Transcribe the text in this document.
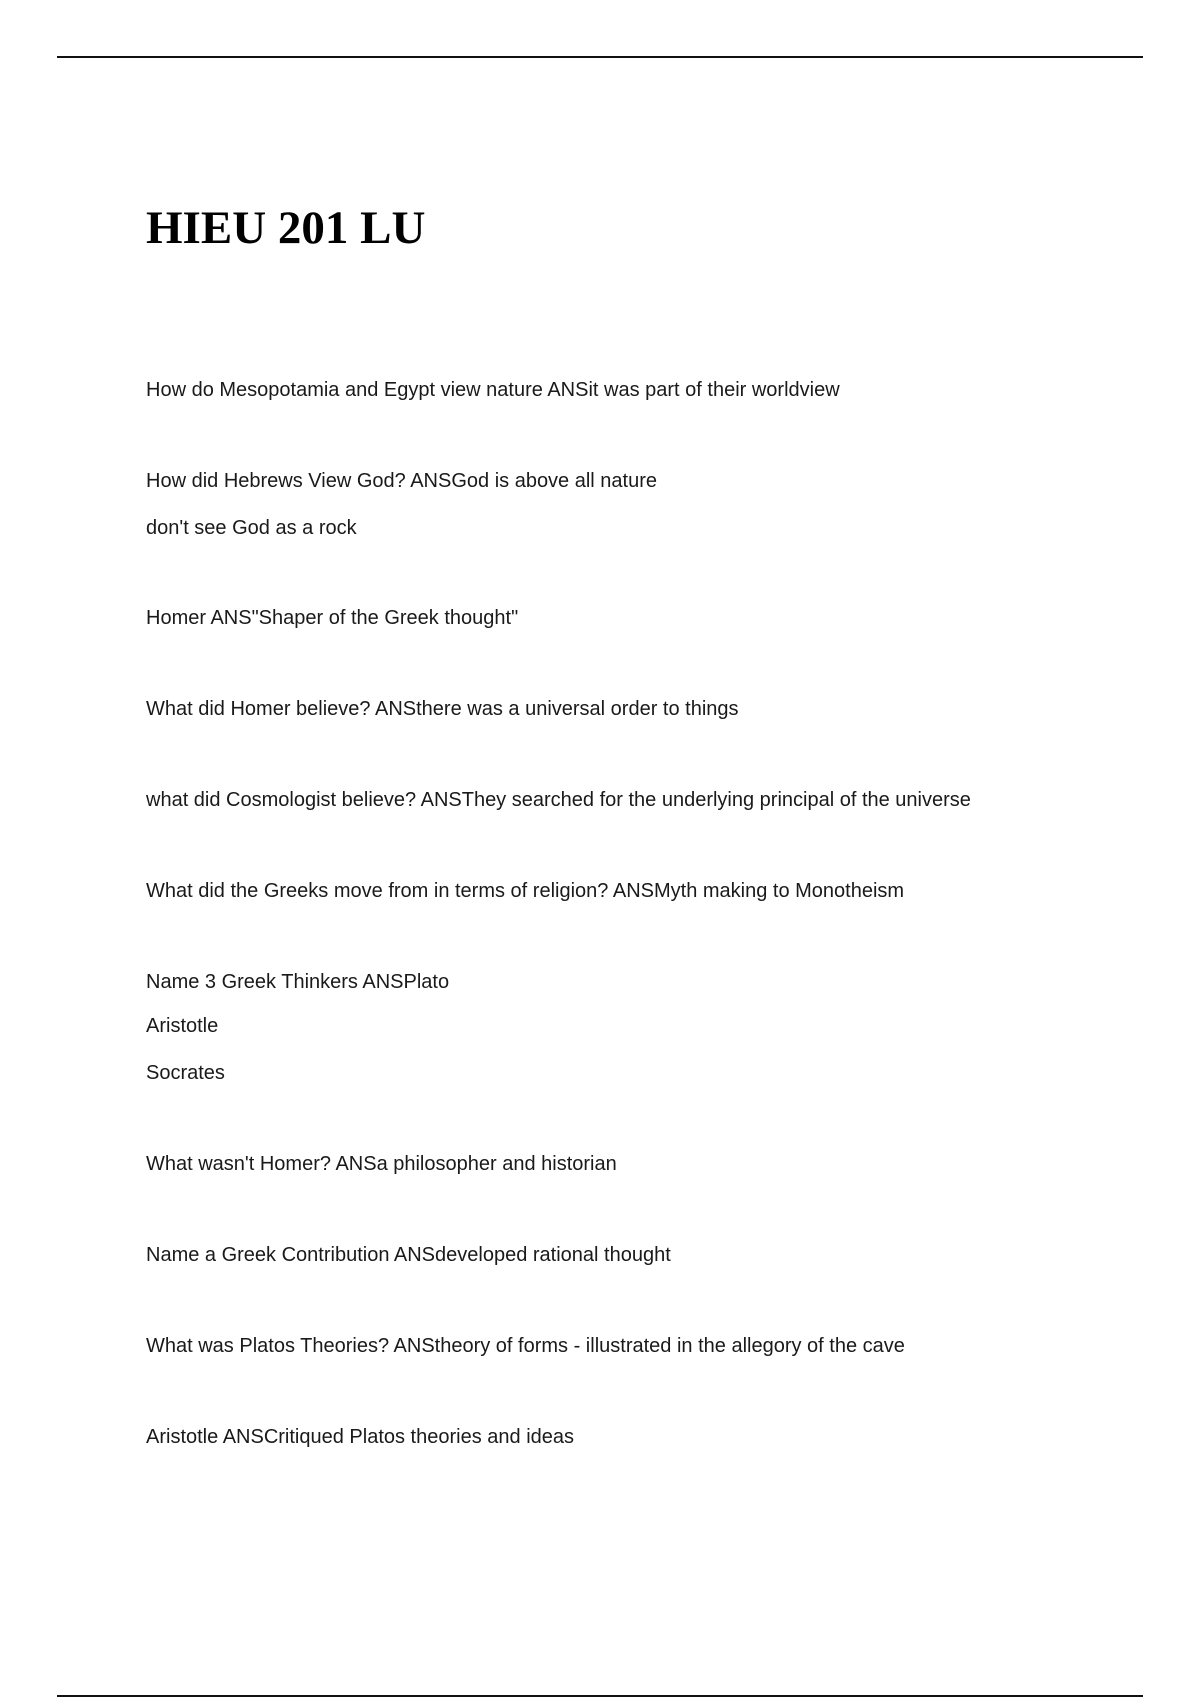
HIEU 201 LU

How do Mesopotamia and Egypt view nature ANSit was part of their worldview

How did Hebrews View God? ANSGod is above all nature

don't see God as a rock

Homer ANS"Shaper of the Greek thought"

What did Homer believe? ANSthere was a universal order to things

what did Cosmologist believe? ANSThey searched for the underlying principal of the universe

What did the Greeks move from in terms of religion? ANSMyth making to Monotheism

Name 3 Greek Thinkers ANSPlato

Aristotle

Socrates

What wasn't Homer? ANSa philosopher and historian

Name a Greek Contribution ANSdeveloped rational thought

What was Platos Theories? ANStheory of forms - illustrated in the allegory of the cave

Aristotle ANSCritiqued Platos theories and ideas
